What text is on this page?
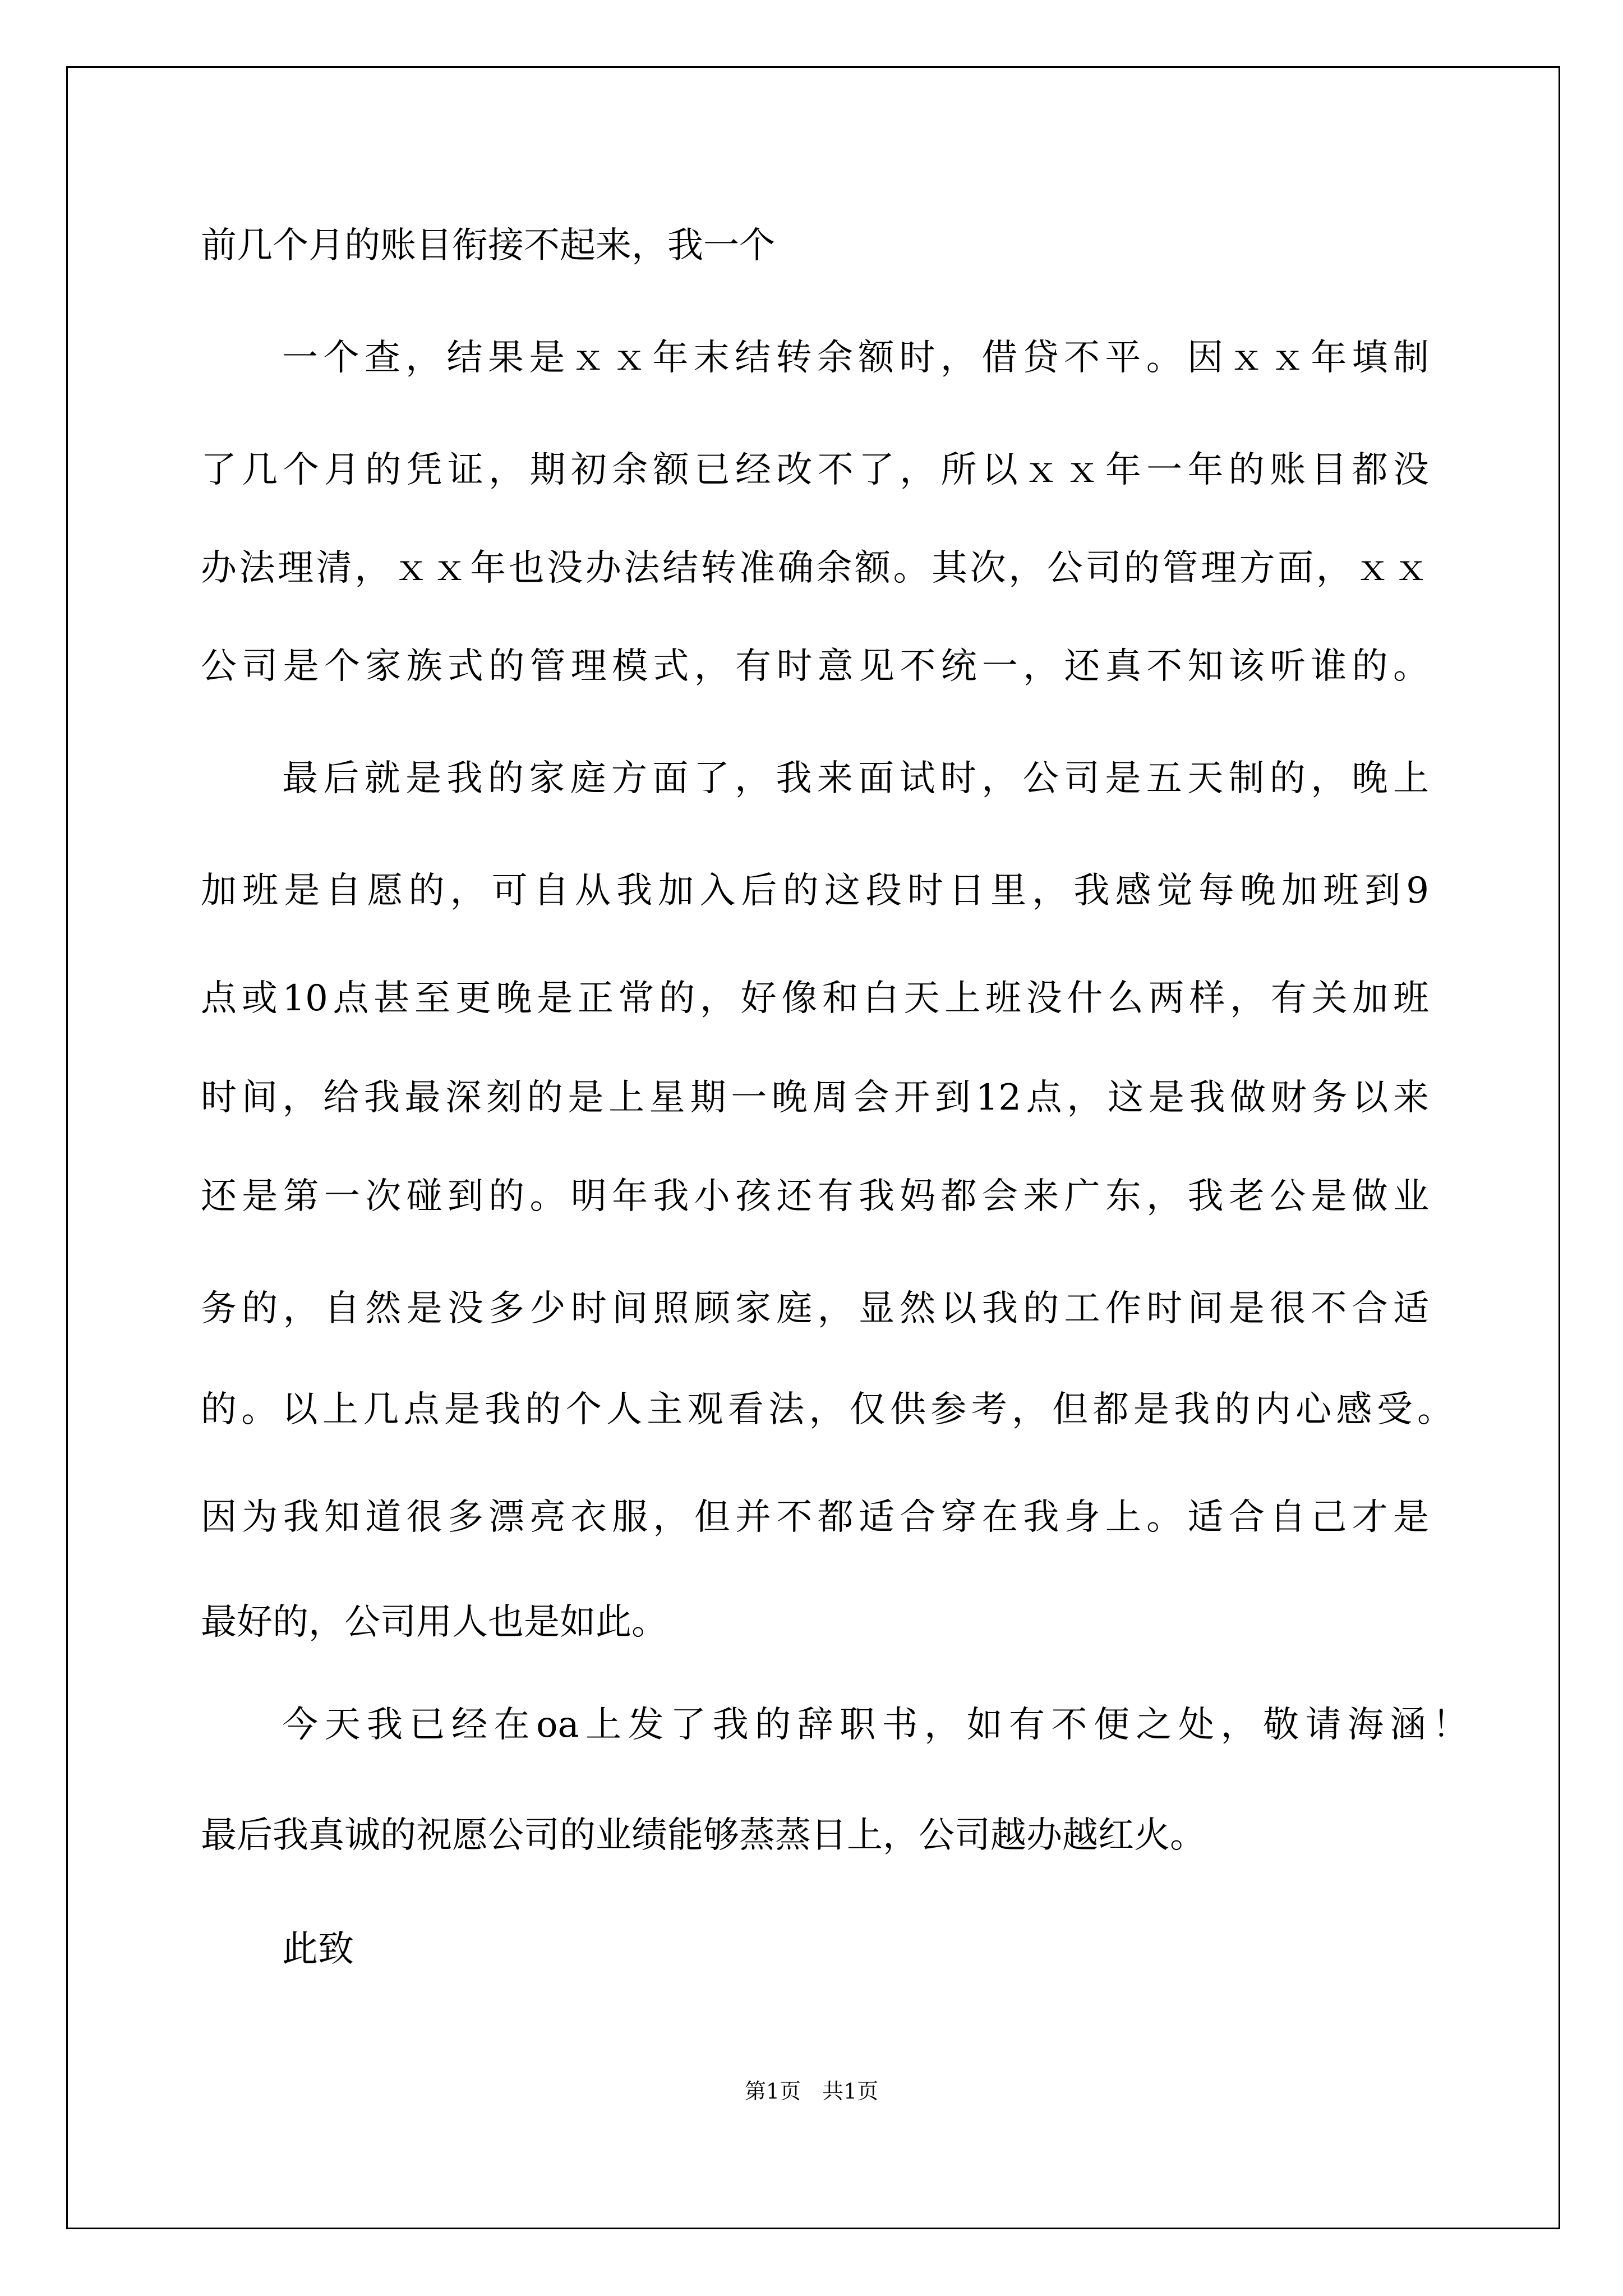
前几个月的账目衔接不起来，我一个
一个查，结果是ｘｘ年末结转余额时，借贷不平。因ｘｘ年填制
了几个月的凭证，期初余额已经改不了，所以ｘｘ年一年的账目都没
办法理清，ｘｘ年也没办法结转准确余额。其次，公司的管理方面，ｘｘ
公司是个家族式的管理模式，有时意见不统一，还真不知该听谁的。
最后就是我的家庭方面了，我来面试时，公司是五天制的，晚上
加班是自愿的，可自从我加入后的这段时日里，我感觉每晚加班到9
点或10点甚至更晚是正常的，好像和白天上班没什么两样，有关加班
时间，给我最深刻的是上星期一晚周会开到12点，这是我做财务以来
还是第一次碰到的。明年我小孩还有我妈都会来广东，我老公是做业
务的，自然是没多少时间照顾家庭，显然以我的工作时间是很不合适
的。以上几点是我的个人主观看法，仅供参考，但都是我的内心感受。
因为我知道很多漂亮衣服，但并不都适合穿在我身上。适合自己才是
最好的，公司用人也是如此。
今天我已经在oa上发了我的辞职书，如有不便之处，敬请海涵！
最后我真诚的祝愿公司的业绩能够蒸蒸日上，公司越办越红火。
此致
第1页　共1页
